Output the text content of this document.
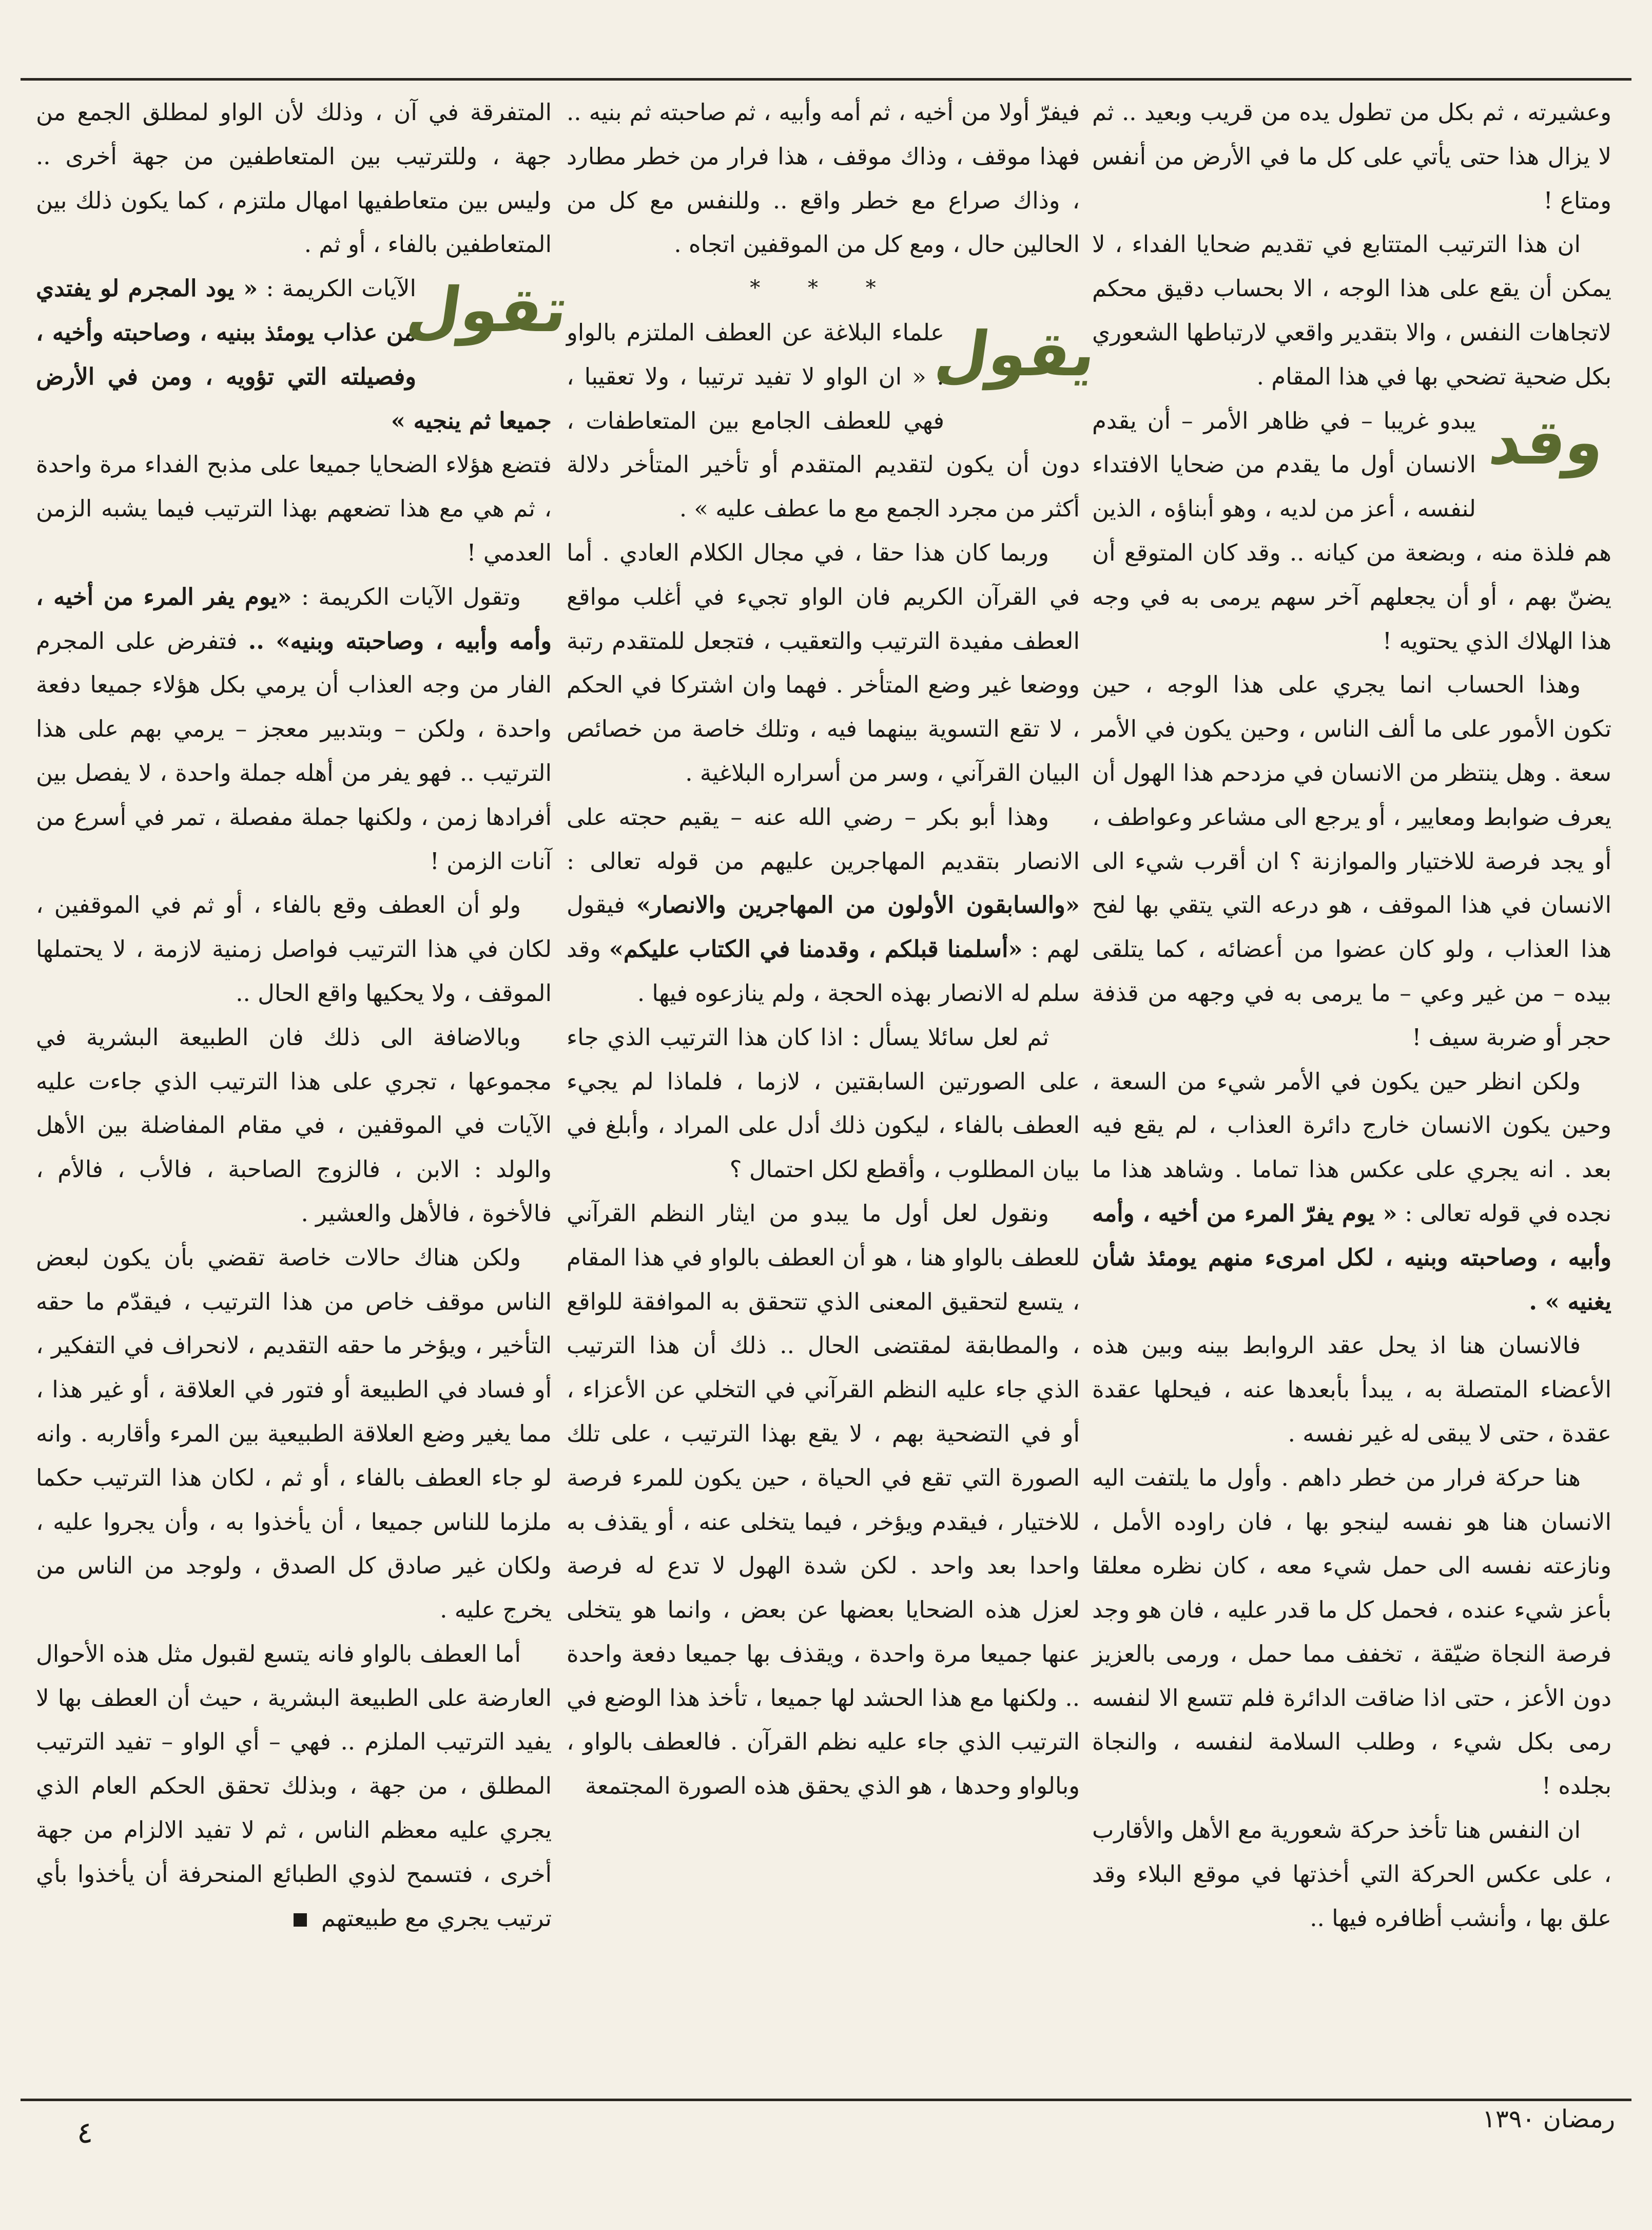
وعشيرته ، ثم بكل من تطول يده من قريب وبعيد .. ثم لا يزال هذا حتى يأتي على كل ما في الأرض من أنفس ومتاع !

ان هذا الترتيب المتتابع في تقديم ضحايا الفداء ، لا يمكن أن يقع على هذا الوجه ، الا بحساب دقيق محكم لاتجاهات النفس ، والا بتقدير واقعي لارتباطها الشعوري بكل ضحية تضحي بها في هذا المقام .

وقد

يبدو غريبا – في ظاهر الأمر – أن يقدم الانسان أول ما يقدم من ضحايا الافتداء لنفسه ، أعز من لديه ، وهو أبناؤه ، الذين هم فلذة منه ، وبضعة من كيانه .. وقد كان المتوقع أن يضنّ بهم ، أو أن يجعلهم آخر سهم يرمى به في وجه هذا الهلاك الذي يحتويه !

وهذا الحساب انما يجري على هذا الوجه ، حين تكون الأمور على ما ألف الناس ، وحين يكون في الأمر سعة . وهل ينتظر من الانسان في مزدحم هذا الهول أن يعرف ضوابط ومعايير ، أو يرجع الى مشاعر وعواطف ، أو يجد فرصة للاختيار والموازنة ؟ ان أقرب شيء الى الانسان في هذا الموقف ، هو درعه التي يتقي بها لفح هذا العذاب ، ولو كان عضوا من أعضائه ، كما يتلقى بيده – من غير وعي – ما يرمى به في وجهه من قذفة حجر أو ضربة سيف !

ولكن انظر حين يكون في الأمر شيء من السعة ، وحين يكون الانسان خارج دائرة العذاب ، لم يقع فيه بعد . انه يجري على عكس هذا تماما . وشاهد هذا ما نجده في قوله تعالى : « يوم يفرّ المرء من أخيه ، وأمه وأبيه ، وصاحبته وبنيه ، لكل امرىء منهم يومئذ شأن يغنيه » .

فالانسان هنا اذ يحل عقد الروابط بينه وبين هذه الأعضاء المتصلة به ، يبدأ بأبعدها عنه ، فيحلها عقدة عقدة ، حتى لا يبقى له غير نفسه .

هنا حركة فرار من خطر داهم . وأول ما يلتفت اليه الانسان هنا هو نفسه لينجو بها ، فان راوده الأمل ، ونازعته نفسه الى حمل شيء معه ، كان نظره معلقا بأعز شيء عنده ، فحمل كل ما قدر عليه ، فان هو وجد فرصة النجاة ضيّقة ، تخفف مما حمل ، ورمى بالعزيز دون الأعز ، حتى اذا ضاقت الدائرة فلم تتسع الا لنفسه رمى بكل شيء ، وطلب السلامة لنفسه ، والنجاة بجلده !

ان النفس هنا تأخذ حركة شعورية مع الأهل والأقارب ، على عكس الحركة التي أخذتها في موقع البلاء وقد علق بها ، وأنشب أظافره فيها ..

فيفرّ أولا من أخيه ، ثم أمه وأبيه ، ثم صاحبته ثم بنيه .. فهذا موقف ، وذاك موقف ، هذا فرار من خطر مطارد ، وذاك صراع مع خطر واقع .. وللنفس مع كل من الحالين حال ، ومع كل من الموقفين اتجاه .

* * *

يقول

علماء البلاغة عن العطف الملتزم بالواو : « ان الواو لا تفيد ترتيبا ، ولا تعقيبا ، فهي للعطف الجامع بين المتعاطفات ، دون أن يكون لتقديم المتقدم أو تأخير المتأخر دلالة أكثر من مجرد الجمع مع ما عطف عليه » .

وربما كان هذا حقا ، في مجال الكلام العادي . أما في القرآن الكريم فان الواو تجيء في أغلب مواقع العطف مفيدة الترتيب والتعقيب ، فتجعل للمتقدم رتبة ووضعا غير وضع المتأخر . فهما وان اشتركا في الحكم ، لا تقع التسوية بينهما فيه ، وتلك خاصة من خصائص البيان القرآني ، وسر من أسراره البلاغية .

وهذا أبو بكر – رضي الله عنه – يقيم حجته على الانصار بتقديم المهاجرين عليهم من قوله تعالى : «والسابقون الأولون من المهاجرين والانصار» فيقول لهم : «أسلمنا قبلكم ، وقدمنا في الكتاب عليكم» وقد سلم له الانصار بهذه الحجة ، ولم ينازعوه فيها .

ثم لعل سائلا يسأل : اذا كان هذا الترتيب الذي جاء على الصورتين السابقتين ، لازما ، فلماذا لم يجيء العطف بالفاء ، ليكون ذلك أدل على المراد ، وأبلغ في بيان المطلوب ، وأقطع لكل احتمال ؟

ونقول لعل أول ما يبدو من ايثار النظم القرآني للعطف بالواو هنا ، هو أن العطف بالواو في هذا المقام ، يتسع لتحقيق المعنى الذي تتحقق به الموافقة للواقع ، والمطابقة لمقتضى الحال .. ذلك أن هذا الترتيب الذي جاء عليه النظم القرآني في التخلي عن الأعزاء ، أو في التضحية بهم ، لا يقع بهذا الترتيب ، على تلك الصورة التي تقع في الحياة ، حين يكون للمرء فرصة للاختيار ، فيقدم ويؤخر ، فيما يتخلى عنه ، أو يقذف به واحدا بعد واحد . لكن شدة الهول لا تدع له فرصة لعزل هذه الضحايا بعضها عن بعض ، وانما هو يتخلى عنها جميعا مرة واحدة ، ويقذف بها جميعا دفعة واحدة .. ولكنها مع هذا الحشد لها جميعا ، تأخذ هذا الوضع في الترتيب الذي جاء عليه نظم القرآن . فالعطف بالواو ، وبالواو وحدها ، هو الذي يحقق هذه الصورة المجتمعة

المتفرقة في آن ، وذلك لأن الواو لمطلق الجمع من جهة ، وللترتيب بين المتعاطفين من جهة أخرى .. وليس بين متعاطفيها امهال ملتزم ، كما يكون ذلك بين المتعاطفين بالفاء ، أو ثم .

تقول

الآيات الكريمة : « يود المجرم لو يفتدي من عذاب يومئذ ببنيه ، وصاحبته وأخيه ، وفصيلته التي تؤويه ، ومن في الأرض جميعا ثم ينجيه »

فتضع هؤلاء الضحايا جميعا على مذبح الفداء مرة واحدة ، ثم هي مع هذا تضعهم بهذا الترتيب فيما يشبه الزمن العدمي !

وتقول الآيات الكريمة : «يوم يفر المرء من أخيه ، وأمه وأبيه ، وصاحبته وبنيه» .. فتفرض على المجرم الفار من وجه العذاب أن يرمي بكل هؤلاء جميعا دفعة واحدة ، ولكن – وبتدبير معجز – يرمي بهم على هذا الترتيب .. فهو يفر من أهله جملة واحدة ، لا يفصل بين أفرادها زمن ، ولكنها جملة مفصلة ، تمر في أسرع من آنات الزمن !

ولو أن العطف وقع بالفاء ، أو ثم في الموقفين ، لكان في هذا الترتيب فواصل زمنية لازمة ، لا يحتملها الموقف ، ولا يحكيها واقع الحال ..

وبالاضافة الى ذلك فان الطبيعة البشرية في مجموعها ، تجري على هذا الترتيب الذي جاءت عليه الآيات في الموقفين ، في مقام المفاضلة بين الأهل والولد : الابن ، فالزوج الصاحبة ، فالأب ، فالأم ، فالأخوة ، فالأهل والعشير .

ولكن هناك حالات خاصة تقضي بأن يكون لبعض الناس موقف خاص من هذا الترتيب ، فيقدّم ما حقه التأخير ، ويؤخر ما حقه التقديم ، لانحراف في التفكير ، أو فساد في الطبيعة أو فتور في العلاقة ، أو غير هذا ، مما يغير وضع العلاقة الطبيعية بين المرء وأقاربه . وانه لو جاء العطف بالفاء ، أو ثم ، لكان هذا الترتيب حكما ملزما للناس جميعا ، أن يأخذوا به ، وأن يجروا عليه ، ولكان غير صادق كل الصدق ، ولوجد من الناس من يخرج عليه .

أما العطف بالواو فانه يتسع لقبول مثل هذه الأحوال العارضة على الطبيعة البشرية ، حيث أن العطف بها لا يفيد الترتيب الملزم .. فهي – أي الواو – تفيد الترتيب المطلق ، من جهة ، وبذلك تحقق الحكم العام الذي يجري عليه معظم الناس ، ثم لا تفيد الالزام من جهة أخرى ، فتسمح لذوي الطبائع المنحرفة أن يأخذوا بأي ترتيب يجري مع طبيعتهم

٤	رمضان ١٣٩٠
